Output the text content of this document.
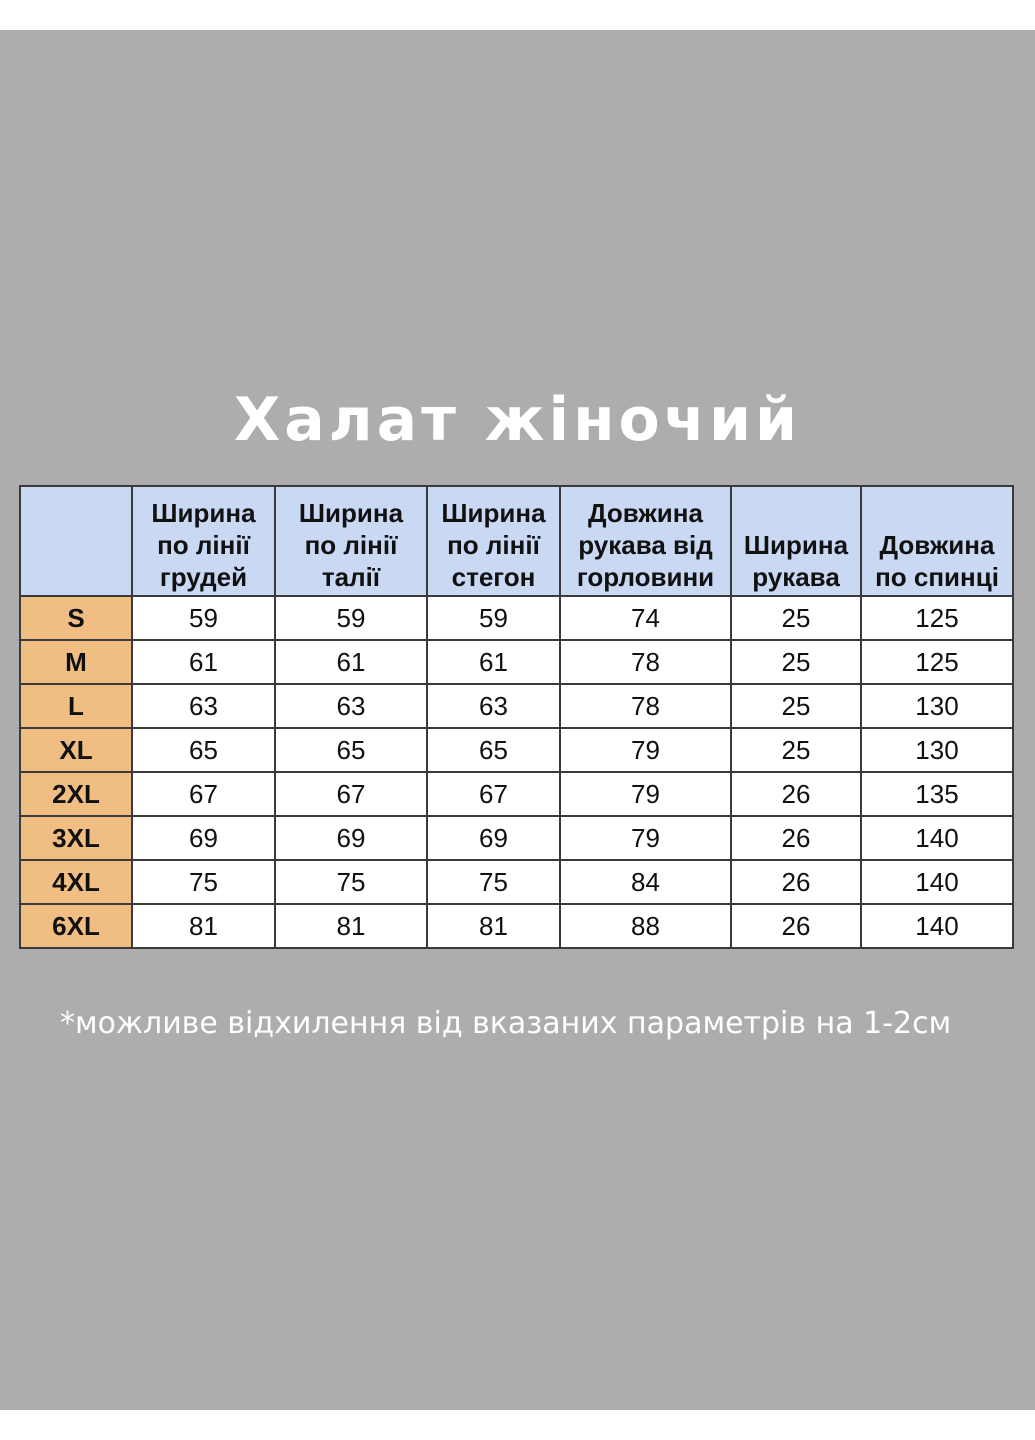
Халат жіночий
	Ширина
по лінії
грудей	Ширина
по лінії
талії	Ширина
по лінії
стегон	Довжина
рукава від
горловини	Ширина
рукава	Довжина
по спинці
S	59	59	59	74	25	125
M	61	61	61	78	25	125
L	63	63	63	78	25	130
XL	65	65	65	79	25	130
2XL	67	67	67	79	26	135
3XL	69	69	69	79	26	140
4XL	75	75	75	84	26	140
6XL	81	81	81	88	26	140
*можливе відхилення від вказаних параметрів на 1-2см
